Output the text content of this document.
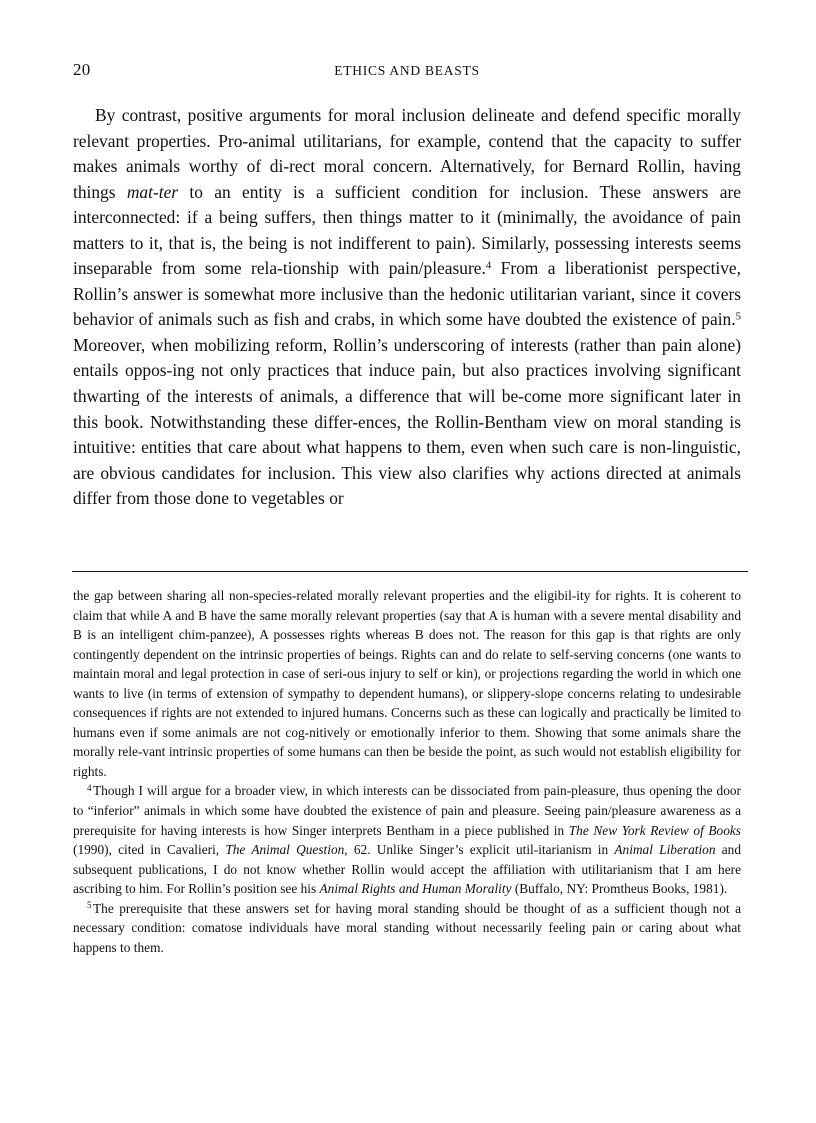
20	ETHICS AND BEASTS

By contrast, positive arguments for moral inclusion delineate and defend specific morally relevant properties. Pro-animal utilitarians, for example, contend that the capacity to suffer makes animals worthy of di-rect moral concern. Alternatively, for Bernard Rollin, having things mat-ter to an entity is a sufficient condition for inclusion. These answers are interconnected: if a being suffers, then things matter to it (minimally, the avoidance of pain matters to it, that is, the being is not indifferent to pain). Similarly, possessing interests seems inseparable from some rela-tionship with pain/pleasure.$^4$ From a liberationist perspective, Rollin’s answer is somewhat more inclusive than the hedonic utilitarian variant, since it covers behavior of animals such as fish and crabs, in which some have doubted the existence of pain.$^5$ Moreover, when mobilizing reform, Rollin’s underscoring of interests (rather than pain alone) entails oppos-ing not only practices that induce pain, but also practices involving significant thwarting of the interests of animals, a difference that will be-come more significant later in this book. Notwithstanding these differ-ences, the Rollin-Bentham view on moral standing is intuitive: entities that care about what happens to them, even when such care is non-linguistic, are obvious candidates for inclusion. This view also clarifies why actions directed at animals differ from those done to vegetables or

the gap between sharing all non-species-related morally relevant properties and the eligibil-ity for rights. It is coherent to claim that while A and B have the same morally relevant properties (say that A is human with a severe mental disability and B is an intelligent chim-panzee), A possesses rights whereas B does not. The reason for this gap is that rights are only contingently dependent on the intrinsic properties of beings. Rights can and do relate to self-serving concerns (one wants to maintain moral and legal protection in case of seri-ous injury to self or kin), or projections regarding the world in which one wants to live (in terms of extension of sympathy to dependent humans), or slippery-slope concerns relating to undesirable consequences if rights are not extended to injured humans. Concerns such as these can logically and practically be limited to humans even if some animals are not cog-nitively or emotionally inferior to them. Showing that some animals share the morally rele-vant intrinsic properties of some humans can then be beside the point, as such would not establish eligibility for rights.

$^4$ Though I will argue for a broader view, in which interests can be dissociated from pain-pleasure, thus opening the door to “inferior” animals in which some have doubted the existence of pain and pleasure. Seeing pain/pleasure awareness as a prerequisite for having interests is how Singer interprets Bentham in a piece published in The New York Review of Books (1990), cited in Cavalieri, The Animal Question, 62. Unlike Singer’s explicit util-itarianism in Animal Liberation and subsequent publications, I do not know whether Rollin would accept the affiliation with utilitarianism that I am here ascribing to him. For Rollin’s position see his Animal Rights and Human Morality (Buffalo, NY: Promtheus Books, 1981).

$^5$ The prerequisite that these answers set for having moral standing should be thought of as a sufficient though not a necessary condition: comatose individuals have moral standing without necessarily feeling pain or caring about what happens to them.
